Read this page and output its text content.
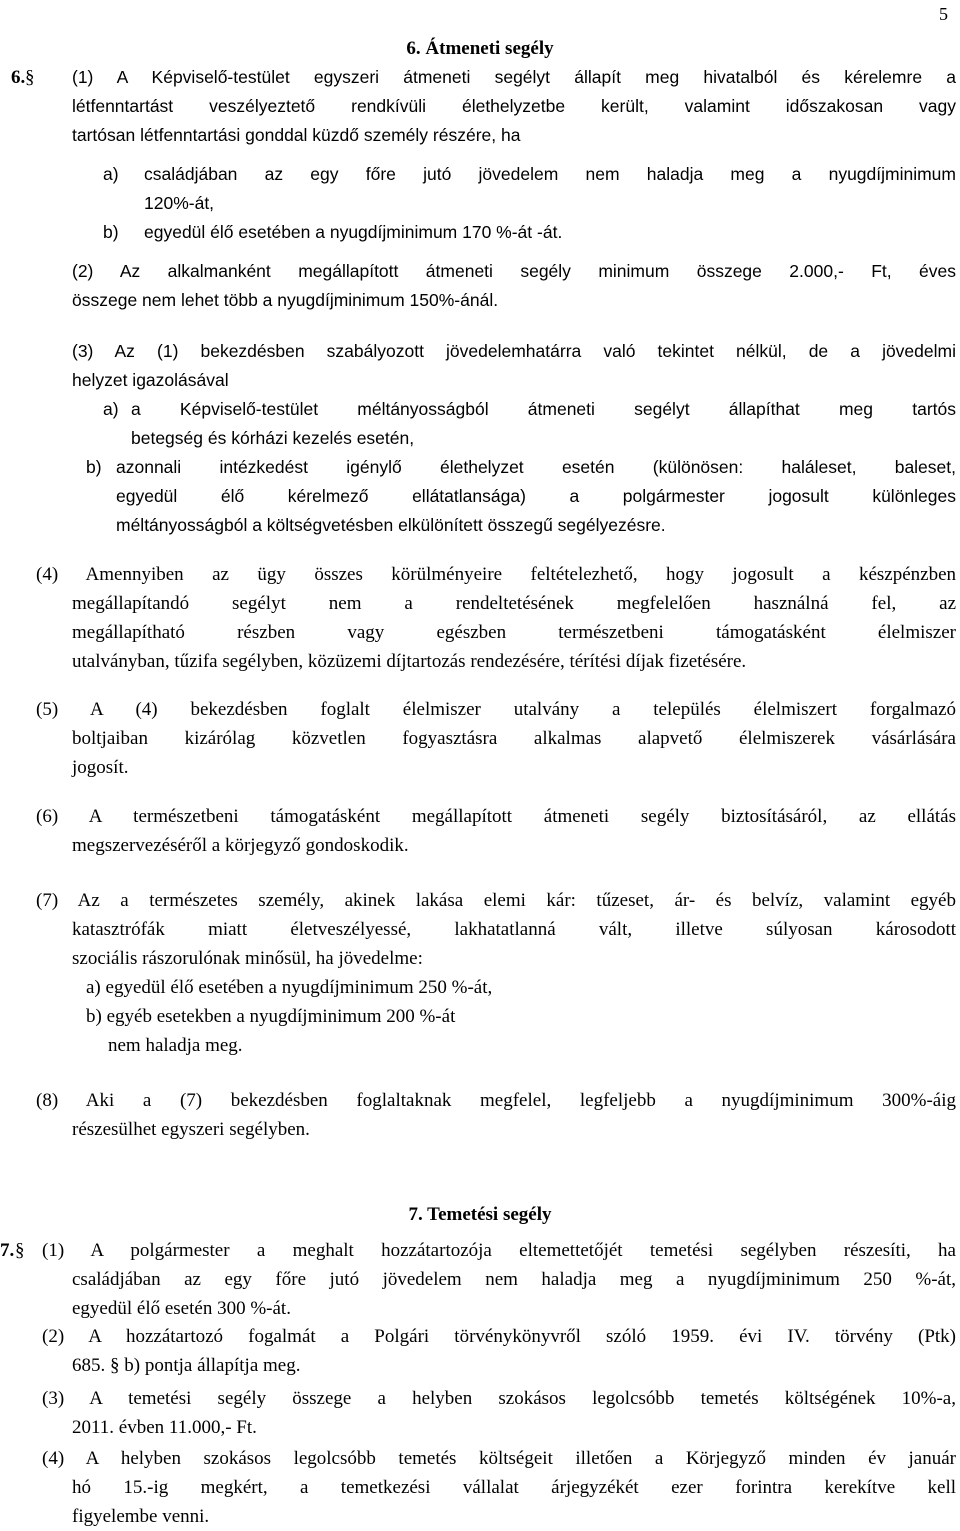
5
6. Átmeneti segély
6. § (1) A Képviselő-testület egyszeri átmeneti segélyt állapít meg hivatalból és kérelemre a
létfenntartást veszélyeztető rendkívüli élethelyzetbe került, valamint időszakosan vagy
tartósan létfenntartási gonddal küzdő személy részére, ha
a) családjában az egy főre jutó jövedelem nem haladja meg a nyugdíjminimum
120%-át,
b) egyedül élő esetében a nyugdíjminimum 170 %-át -át.
(2) Az alkalmanként megállapított átmeneti segély minimum összege 2.000,- Ft, éves
összege nem lehet több a nyugdíjminimum 150%-ánál.
(3) Az (1) bekezdésben szabályozott jövedelemhatárra való tekintet nélkül, de a jövedelmi
helyzet igazolásával
a) a Képviselő-testület méltányosságból átmeneti segélyt állapíthat meg tartós
betegség és kórházi kezelés esetén,
b) azonnali intézkedést igénylő élethelyzet esetén (különösen: haláleset, baleset,
egyedül élő kérelmező ellátatlansága) a polgármester jogosult különleges
méltányosságból a költségvetésben elkülönített összegű segélyezésre.
(4) Amennyiben az ügy összes körülményeire feltételezhető, hogy jogosult a készpénzben
megállapítandó segélyt nem a rendeltetésének megfelelően használná fel, az
megállapítható részben vagy egészben természetbeni támogatásként élelmiszer
utalványban, tűzifa segélyben, közüzemi díjtartozás rendezésére, térítési díjak fizetésére.
(5) A (4) bekezdésben foglalt élelmiszer utalvány a település élelmiszert forgalmazó
boltjaiban kizárólag közvetlen fogyasztásra alkalmas alapvető élelmiszerek vásárlására
jogosít.
(6) A természetbeni támogatásként megállapított átmeneti segély biztosításáról, az ellátás
megszervezéséről a körjegyző gondoskodik.
(7) Az a természetes személy, akinek lakása elemi kár: tűzeset, ár- és belvíz, valamint egyéb
katasztrófák miatt életveszélyessé, lakhatatlanná vált, illetve súlyosan károsodott
szociális rászorulónak minősül, ha jövedelme:
a) egyedül élő esetében a nyugdíjminimum 250 %-át,
b) egyéb esetekben a nyugdíjminimum 200 %-át
nem haladja meg.
(8) Aki a (7) bekezdésben foglaltaknak megfelel, legfeljebb a nyugdíjminimum 300%-áig
részesülhet egyszeri segélyben.
7. Temetési segély
7. § (1) A polgármester a meghalt hozzátartozója eltemettetőjét temetési segélyben részesíti, ha
családjában az egy főre jutó jövedelem nem haladja meg a nyugdíjminimum 250 %-át,
egyedül élő esetén 300 %-át.
(2) A hozzátartozó fogalmát a Polgári törvénykönyvről szóló 1959. évi IV. törvény (Ptk)
685. § b) pontja állapítja meg.
(3) A temetési segély összege a helyben szokásos legolcsóbb temetés költségének 10%-a,
2011. évben 11.000,- Ft.
(4) A helyben szokásos legolcsóbb temetés költségeit illetően a Körjegyző minden év január
hó 15.-ig megkért, a temetkezési vállalat árjegyzékét ezer forintra kerekítve kell
figyelembe venni.
